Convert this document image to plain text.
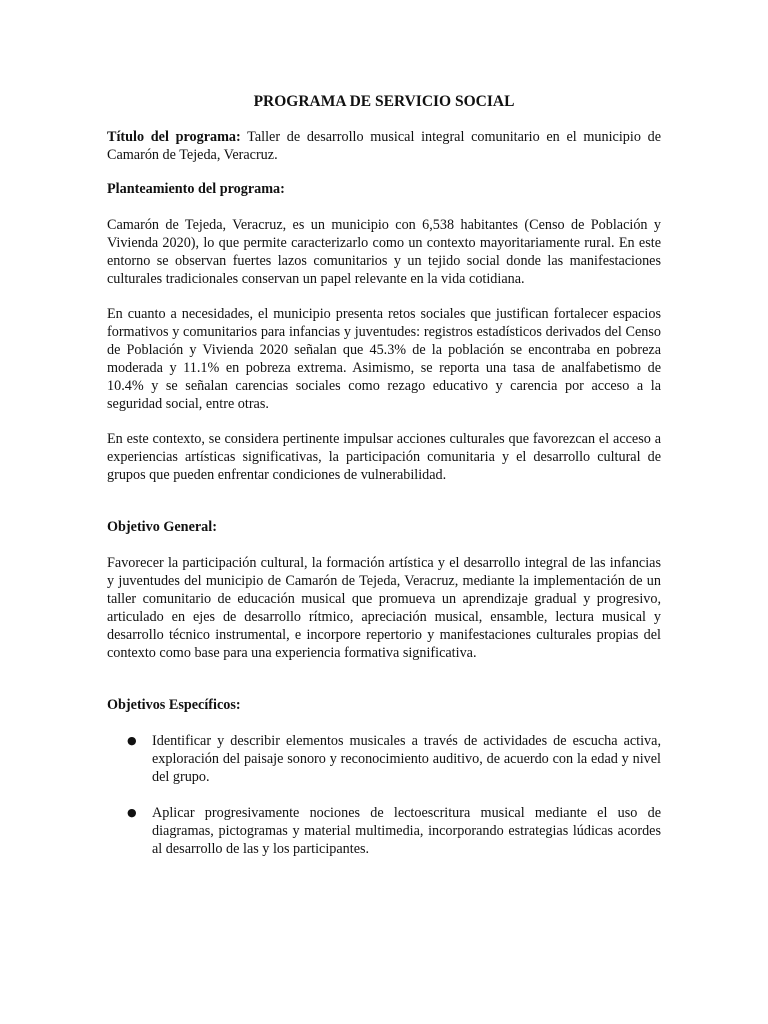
PROGRAMA DE SERVICIO SOCIAL

Título del programa: Taller de desarrollo musical integral comunitario en el municipio de Camarón de Tejeda, Veracruz.

Planteamiento del programa:

Camarón de Tejeda, Veracruz, es un municipio con 6,538 habitantes (Censo de Población y Vivienda 2020), lo que permite caracterizarlo como un contexto mayoritariamente rural. En este entorno se observan fuertes lazos comunitarios y un tejido social donde las manifestaciones culturales tradicionales conservan un papel relevante en la vida cotidiana.

En cuanto a necesidades, el municipio presenta retos sociales que justifican fortalecer espacios formativos y comunitarios para infancias y juventudes: registros estadísticos derivados del Censo de Población y Vivienda 2020 señalan que 45.3% de la población se encontraba en pobreza moderada y 11.1% en pobreza extrema. Asimismo, se reporta una tasa de analfabetismo de 10.4% y se señalan carencias sociales como rezago educativo y carencia por acceso a la seguridad social, entre otras.

En este contexto, se considera pertinente impulsar acciones culturales que favorezcan el acceso a experiencias artísticas significativas, la participación comunitaria y el desarrollo cultural de grupos que pueden enfrentar condiciones de vulnerabilidad.

Objetivo General:

Favorecer la participación cultural, la formación artística y el desarrollo integral de las infancias y juventudes del municipio de Camarón de Tejeda, Veracruz, mediante la implementación de un taller comunitario de educación musical que promueva un aprendizaje gradual y progresivo, articulado en ejes de desarrollo rítmico, apreciación musical, ensamble, lectura musical y desarrollo técnico instrumental, e incorpore repertorio y manifestaciones culturales propias del contexto como base para una experiencia formativa significativa.

Objetivos Específicos:
● Identificar y describir elementos musicales a través de actividades de escucha activa, exploración del paisaje sonoro y reconocimiento auditivo, de acuerdo con la edad y nivel del grupo.
● Aplicar progresivamente nociones de lectoescritura musical mediante el uso de diagramas, pictogramas y material multimedia, incorporando estrategias lúdicas acordes al desarrollo de las y los participantes.
